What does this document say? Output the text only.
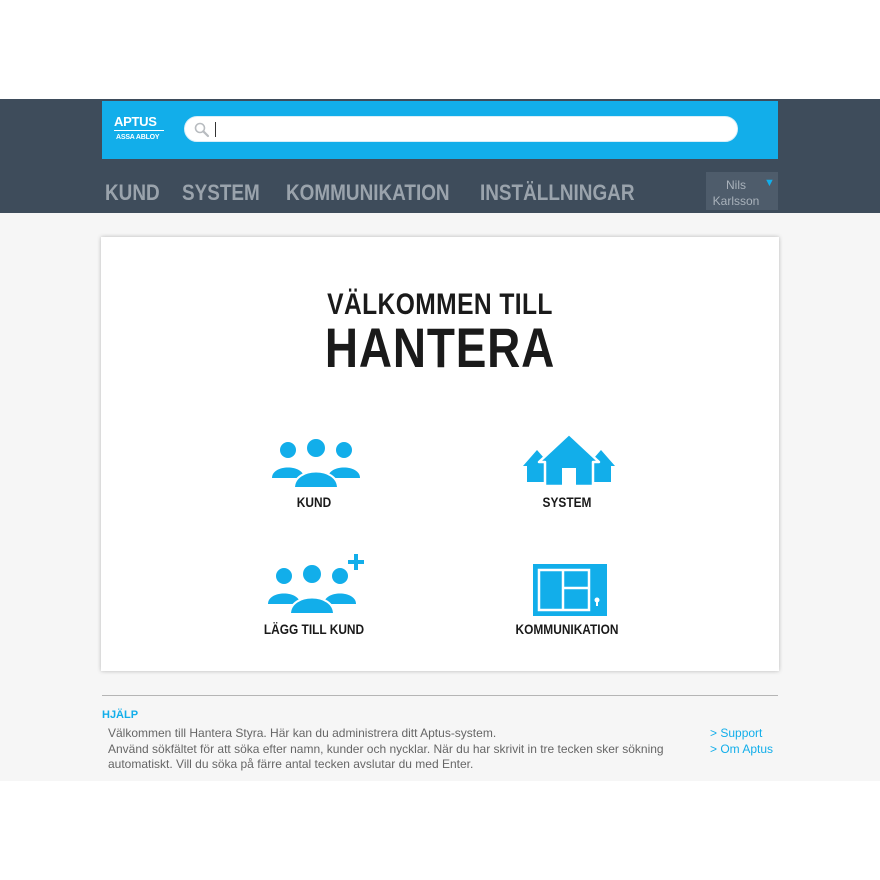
APTUS
ASSA ABLOY
KUND SYSTEM KOMMUNIKATION INSTÄLLNINGAR	Nils
Karlsson
▼
VÄLKOMMEN TILL
HANTERA
KUND	SYSTEM
LÄGG TILL KUND	KOMMUNIKATION
HJÄLP

Välkommen till Hantera Styra. Här kan du administrera ditt Aptus-system.

Använd sökfältet för att söka efter namn, kunder och nycklar. När du har skrivit in tre tecken sker sökning automatiskt. Vill du söka på färre antal tecken avslutar du med Enter.

> Support
> Om Aptus
